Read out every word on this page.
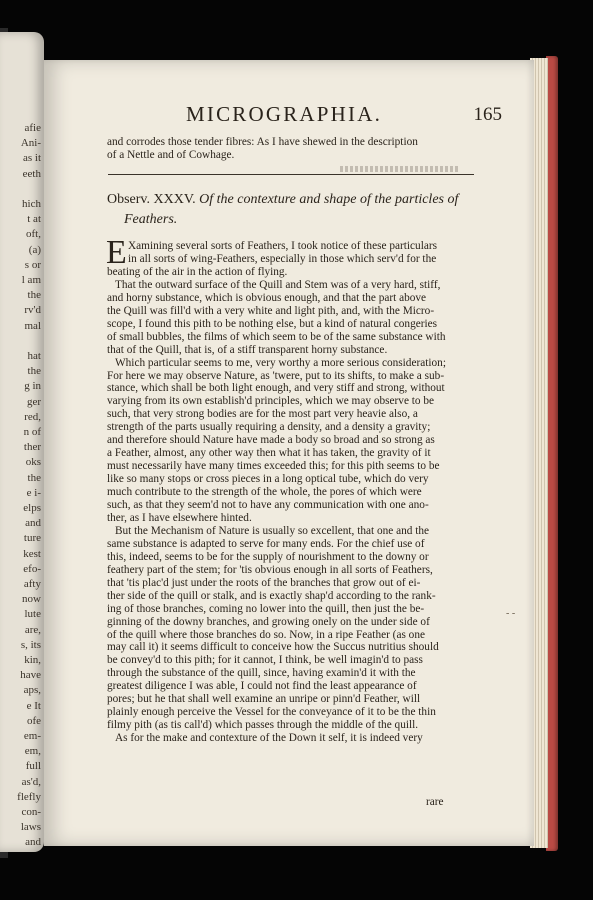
afie
Ani-
as it
eeth
hich
t at
oft,
(a)
s or
l am
the
rv'd
mal
hat
the
g in
ger
red,
n of
ther
oks
the
e i-
elps
and
ture
kest
efo-
afty
now
lute
are,
s, its
kin,
have
aps,
e It
ofe
em-
em,
full
as'd,
flefly
con-
laws
and
MICROGRAPHIA.	165
and corrodes those tender fibres: As I have shewed in the description
of a Nettle and of Cowhage.
Observ. XXXV. Of the contexture and shape of the particles of
Feathers.
E Xamining several sorts of Feathers, I took notice of these particulars
in all sorts of wing-Feathers, especially in those which serv'd for the
beating of the air in the action of flying.
That the outward surface of the Quill and Stem was of a very hard, stiff,
and horny substance, which is obvious enough, and that the part above
the Quill was fill'd with a very white and light pith, and, with the Micro-
scope, I found this pith to be nothing else, but a kind of natural congeries
of small bubbles, the films of which seem to be of the same substance with
that of the Quill, that is, of a stiff transparent horny substance.
Which particular seems to me, very worthy a more serious consideration;
For here we may observe Nature, as 'twere, put to its shifts, to make a sub-
stance, which shall be both light enough, and very stiff and strong, without
varying from its own establish'd principles, which we may observe to be
such, that very strong bodies are for the most part very heavie also, a
strength of the parts usually requiring a density, and a density a gravity;
and therefore should Nature have made a body so broad and so strong as
a Feather, almost, any other way then what it has taken, the gravity of it
must necessarily have many times exceeded this; for this pith seems to be
like so many stops or cross pieces in a long optical tube, which do very
much contribute to the strength of the whole, the pores of which were
such, as that they seem'd not to have any communication with one ano-
ther, as I have elsewhere hinted.
But the Mechanism of Nature is usually so excellent, that one and the
same substance is adapted to serve for many ends. For the chief use of
this, indeed, seems to be for the supply of nourishment to the downy or
feathery part of the stem; for 'tis obvious enough in all sorts of Feathers,
that 'tis plac'd just under the roots of the branches that grow out of ei-
ther side of the quill or stalk, and is exactly shap'd according to the rank-
ing of those branches, coming no lower into the quill, then just the be-
ginning of the downy branches, and growing onely on the under side of
of the quill where those branches do so. Now, in a ripe Feather (as one
may call it) it seems difficult to conceive how the Succus nutritius should
be convey'd to this pith; for it cannot, I think, be well imagin'd to pass
through the substance of the quill, since, having examin'd it with the
greatest diligence I was able, I could not find the least appearance of
pores; but he that shall well examine an unripe or pinn'd Feather, will
plainly enough perceive the Vessel for the conveyance of it to be the thin
filmy pith (as tis call'd) which passes through the middle of the quill.
As for the make and contexture of the Down it self, it is indeed very
rare
- -
